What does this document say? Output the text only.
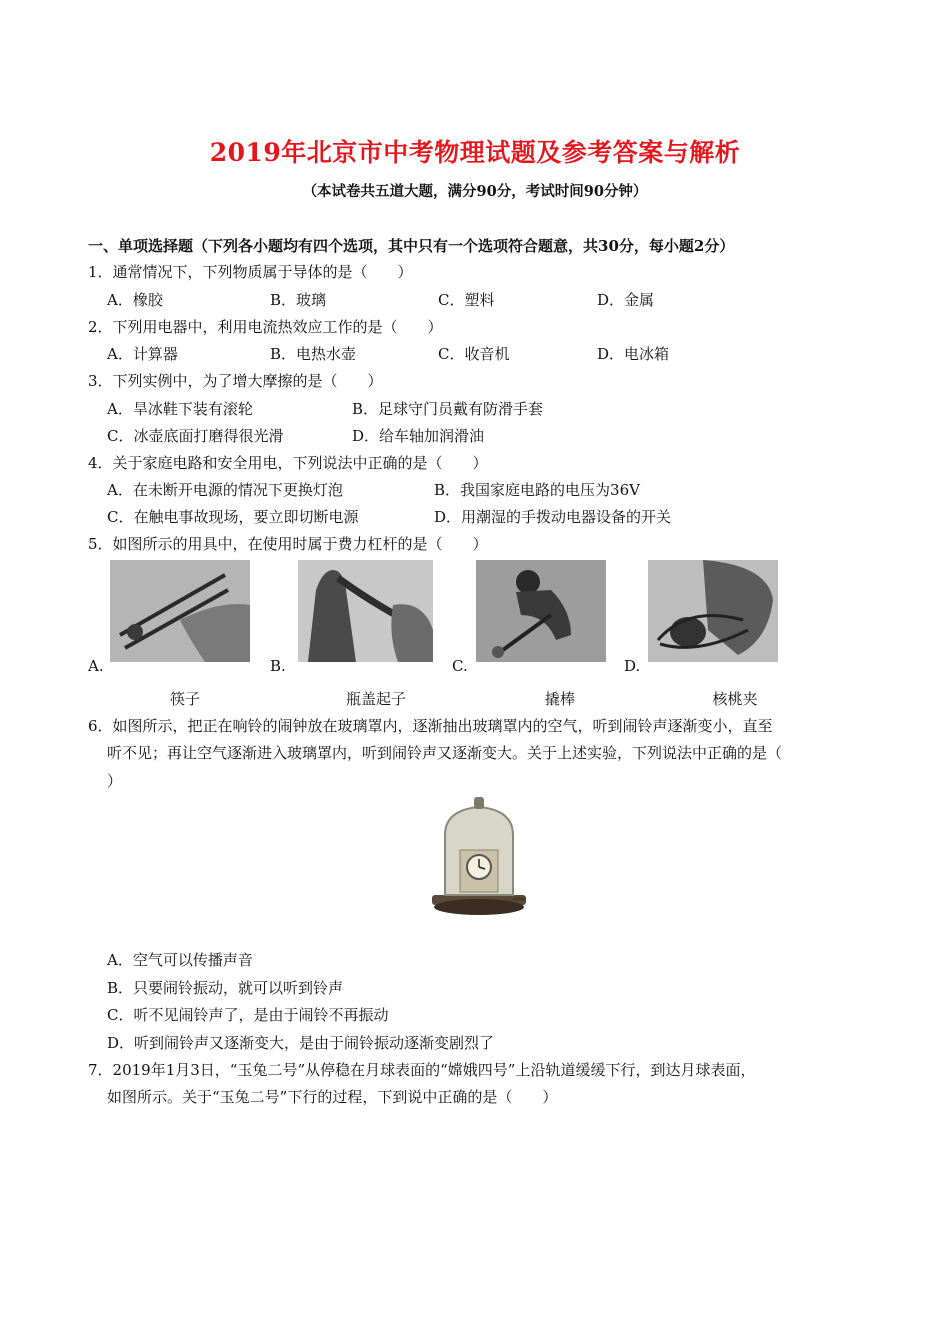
2019年北京市中考物理试题及参考答案与解析
（本试卷共五道大题，满分90分，考试时间90分钟）
一、单项选择题（下列各小题均有四个选项，其中只有一个选项符合题意，共30分，每小题2分）
1．通常情况下，下列物质属于导体的是（　　）
A．橡胶	B．玻璃	C．塑料	D．金属
2．下列用电器中，利用电流热效应工作的是（　　）
A．计算器	B．电热水壶	C．收音机	D．电冰箱
3．下列实例中，为了增大摩擦的是（　　）
A．旱冰鞋下装有滚轮	B．足球守门员戴有防滑手套
C．冰壶底面打磨得很光滑	D．给车轴加润滑油
4．关于家庭电路和安全用电，下列说法中正确的是（　　）
A．在未断开电源的情况下更换灯泡	B．我国家庭电路的电压为36V
C．在触电事故现场，要立即切断电源	D．用潮湿的手拨动电器设备的开关
5．如图所示的用具中，在使用时属于费力杠杆的是（　　）
A.	B.	C.	D.
筷子	瓶盖起子	撬棒	核桃夹
6．如图所示，把正在响铃的闹钟放在玻璃罩内，逐渐抽出玻璃罩内的空气，听到闹铃声逐渐变小，直至
听不见；再让空气逐渐进入玻璃罩内，听到闹铃声又逐渐变大。关于上述实验，下列说法中正确的是（
）
A．空气可以传播声音
B．只要闹铃振动，就可以听到铃声
C．听不见闹铃声了，是由于闹铃不再振动
D．听到闹铃声又逐渐变大，是由于闹铃振动逐渐变剧烈了
7．2019年1月3日，“玉兔二号”从停稳在月球表面的“嫦娥四号”上沿轨道缓缓下行，到达月球表面，
如图所示。关于“玉兔二号”下行的过程，下到说中正确的是（　　）
